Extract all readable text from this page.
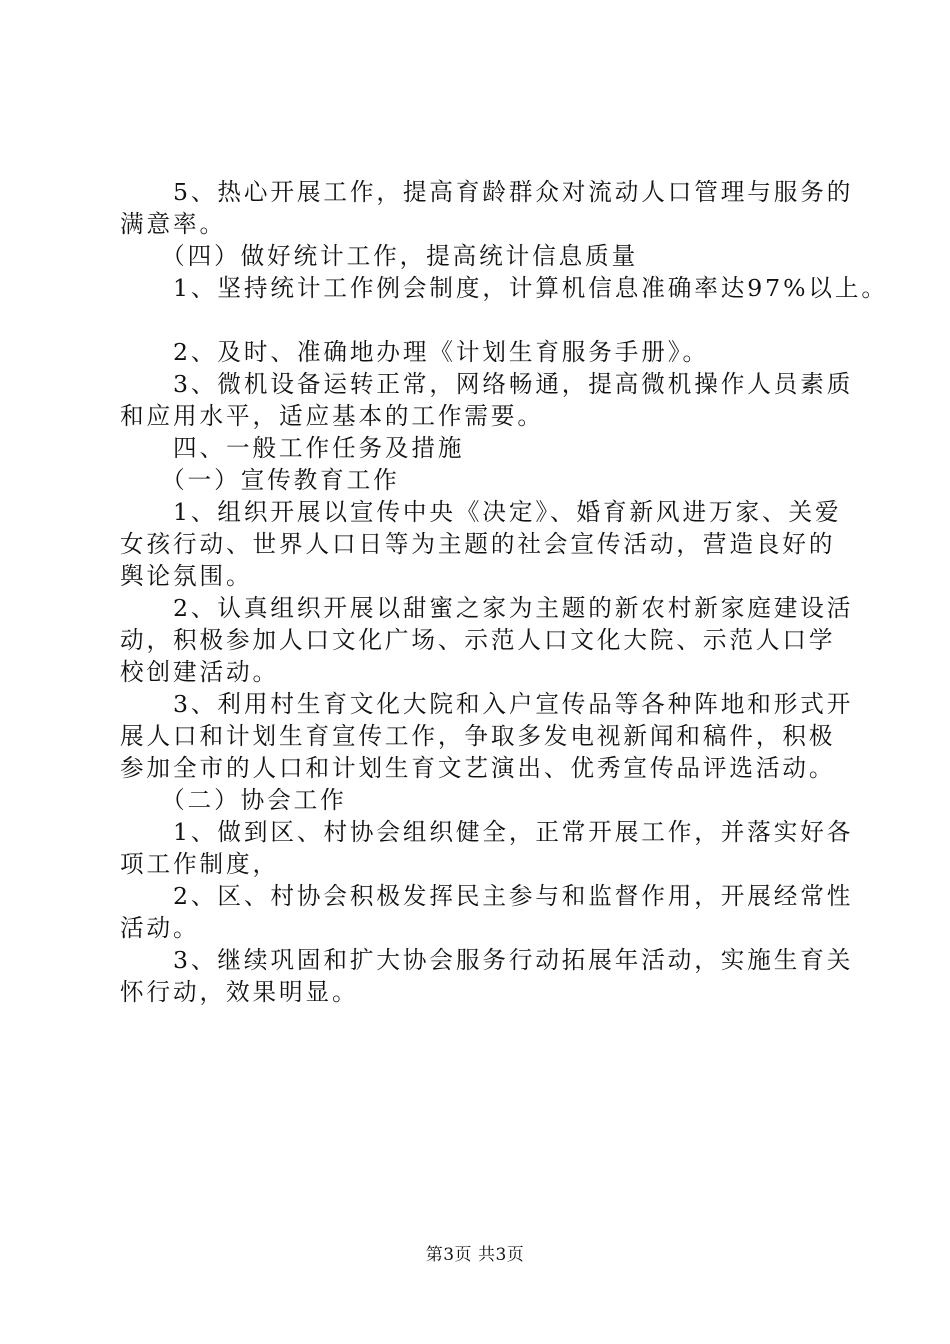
　　5、热心开展工作，提高育龄群众对流动人口管理与服务的

满意率。

　　（四）做好统计工作，提高统计信息质量

　　1、坚持统计工作例会制度，计算机信息准确率达97%以上。

　　2、及时、准确地办理《计划生育服务手册》。

　　3、微机设备运转正常，网络畅通，提高微机操作人员素质

和应用水平，适应基本的工作需要。

　　四、一般工作任务及措施

　　（一）宣传教育工作

　　1、组织开展以宣传中央《决定》、婚育新风进万家、关爱

女孩行动、世界人口日等为主题的社会宣传活动，营造良好的

舆论氛围。

　　2、认真组织开展以甜蜜之家为主题的新农村新家庭建设活

动，积极参加人口文化广场、示范人口文化大院、示范人口学

校创建活动。

　　3、利用村生育文化大院和入户宣传品等各种阵地和形式开

展人口和计划生育宣传工作，争取多发电视新闻和稿件，积极

参加全市的人口和计划生育文艺演出、优秀宣传品评选活动。

　　（二）协会工作

　　1、做到区、村协会组织健全，正常开展工作，并落实好各

项工作制度，

　　2、区、村协会积极发挥民主参与和监督作用，开展经常性

活动。

　　3、继续巩固和扩大协会服务行动拓展年活动，实施生育关

怀行动，效果明显。

第3页 共3页
